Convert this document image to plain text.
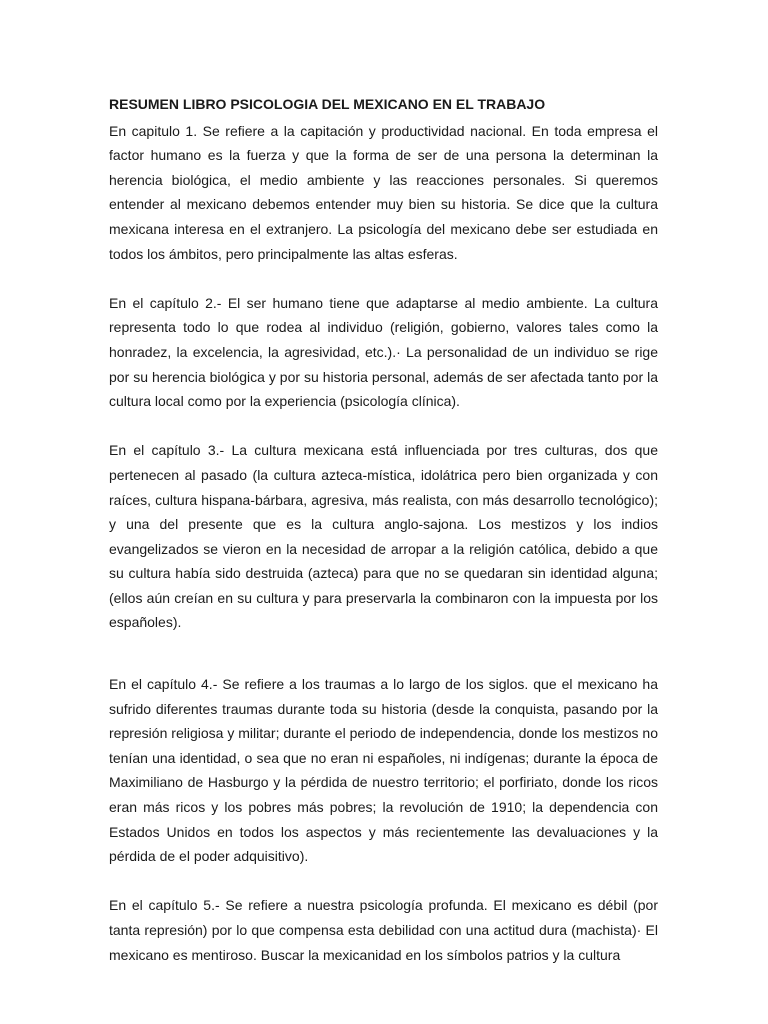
RESUMEN LIBRO PSICOLOGIA DEL MEXICANO EN EL TRABAJO

En capitulo 1. Se refiere a la capitación y productividad nacional. En toda empresa el factor humano es la fuerza y que la forma de ser de una persona la determinan la herencia biológica, el medio ambiente y las reacciones personales. Si queremos entender al mexicano debemos entender muy bien su historia. Se dice que la cultura mexicana interesa en el extranjero. La psicología del mexicano debe ser estudiada en todos los ámbitos, pero principalmente las altas esferas.

En el capítulo 2.- El ser humano tiene que adaptarse al medio ambiente. La cultura representa todo lo que rodea al individuo (religión, gobierno, valores tales como la honradez, la excelencia, la agresividad, etc.).· La personalidad de un individuo se rige por su herencia biológica y por su historia personal, además de ser afectada tanto por la cultura local como por la experiencia (psicología clínica).

En el capítulo 3.- La cultura mexicana está influenciada por tres culturas, dos que pertenecen al pasado (la cultura azteca-mística, idolátrica pero bien organizada y con raíces, cultura hispana-bárbara, agresiva, más realista, con más desarrollo tecnológico); y una del presente que es la cultura anglo-sajona. Los mestizos y los indios evangelizados se vieron en la necesidad de arropar a la religión católica, debido a que su cultura había sido destruida (azteca) para que no se quedaran sin identidad alguna; (ellos aún creían en su cultura y para preservarla la combinaron con la impuesta por los españoles).

En el capítulo 4.- Se refiere a los traumas a lo largo de los siglos. que el mexicano ha sufrido diferentes traumas durante toda su historia (desde la conquista, pasando por la represión religiosa y militar; durante el periodo de independencia, donde los mestizos no tenían una identidad, o sea que no eran ni españoles, ni indígenas; durante la época de Maximiliano de Hasburgo y la pérdida de nuestro territorio; el porfiriato, donde los ricos eran más ricos y los pobres más pobres; la revolución de 1910; la dependencia con Estados Unidos en todos los aspectos y más recientemente las devaluaciones y la pérdida de el poder adquisitivo).

En el capítulo 5.- Se refiere a nuestra psicología profunda. El mexicano es débil (por tanta represión) por lo que compensa esta debilidad con una actitud dura (machista)· El mexicano es mentiroso. Buscar la mexicanidad en los símbolos patrios y la cultura
